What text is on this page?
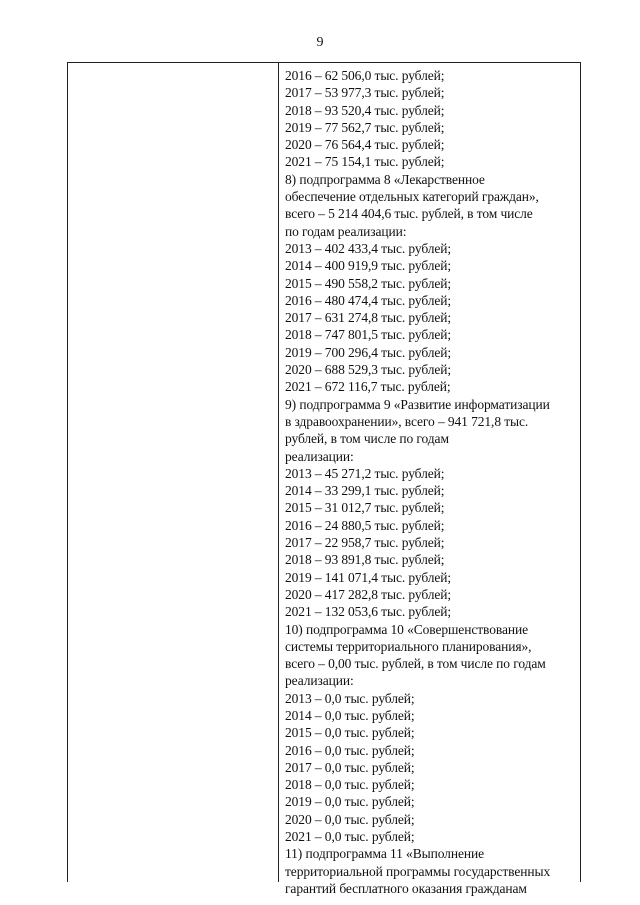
9
2016 – 62 506,0 тыс. рублей;
2017 – 53 977,3 тыс. рублей;
2018 – 93 520,4 тыс. рублей;
2019 – 77 562,7 тыс. рублей;
2020 – 76 564,4 тыс. рублей;
2021 – 75 154,1 тыс. рублей;
8) подпрограмма 8 «Лекарственное
обеспечение отдельных категорий граждан»,
всего – 5 214 404,6 тыс. рублей, в том числе
по годам реализации:
2013 – 402 433,4 тыс. рублей;
2014 – 400 919,9 тыс. рублей;
2015 – 490 558,2 тыс. рублей;
2016 – 480 474,4 тыс. рублей;
2017 – 631 274,8 тыс. рублей;
2018 – 747 801,5 тыс. рублей;
2019 – 700 296,4 тыс. рублей;
2020 – 688 529,3 тыс. рублей;
2021 – 672 116,7 тыс. рублей;
9) подпрограмма 9 «Развитие информатизации
в здравоохранении», всего – 941 721,8 тыс.
рублей, в том числе по годам
реализации:
2013 – 45 271,2 тыс. рублей;
2014 – 33 299,1 тыс. рублей;
2015 – 31 012,7 тыс. рублей;
2016 – 24 880,5 тыс. рублей;
2017 – 22 958,7 тыс. рублей;
2018 – 93 891,8 тыс. рублей;
2019 – 141 071,4 тыс. рублей;
2020 – 417 282,8 тыс. рублей;
2021 – 132 053,6 тыс. рублей;
10) подпрограмма 10 «Совершенствование
системы территориального планирования»,
всего – 0,00 тыс. рублей, в том числе по годам
реализации:
2013 – 0,0 тыс. рублей;
2014 – 0,0 тыс. рублей;
2015 – 0,0 тыс. рублей;
2016 – 0,0 тыс. рублей;
2017 – 0,0 тыс. рублей;
2018 – 0,0 тыс. рублей;
2019 – 0,0 тыс. рублей;
2020 – 0,0 тыс. рублей;
2021 – 0,0 тыс. рублей;
11) подпрограмма 11 «Выполнение
территориальной программы государственных
гарантий бесплатного оказания гражданам
